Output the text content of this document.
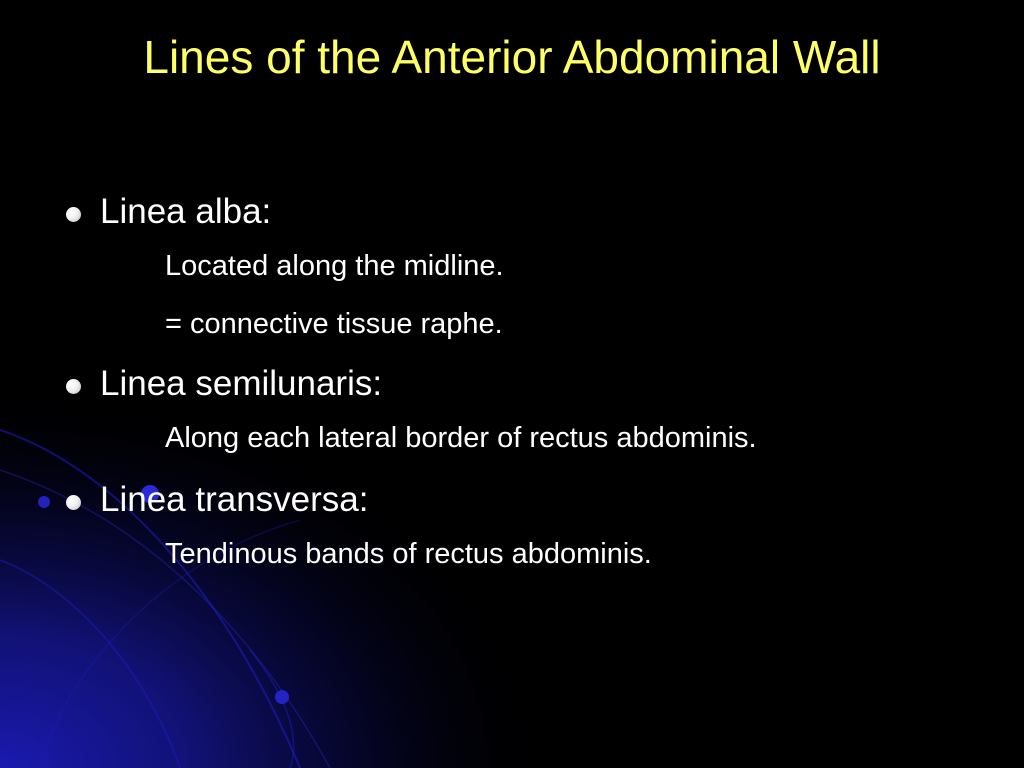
Lines of the Anterior Abdominal Wall
Linea alba:
Located along the midline.
= connective tissue raphe.
Linea semilunaris:
Along each lateral border of rectus abdominis.
Linea transversa:
Tendinous bands of rectus abdominis.
